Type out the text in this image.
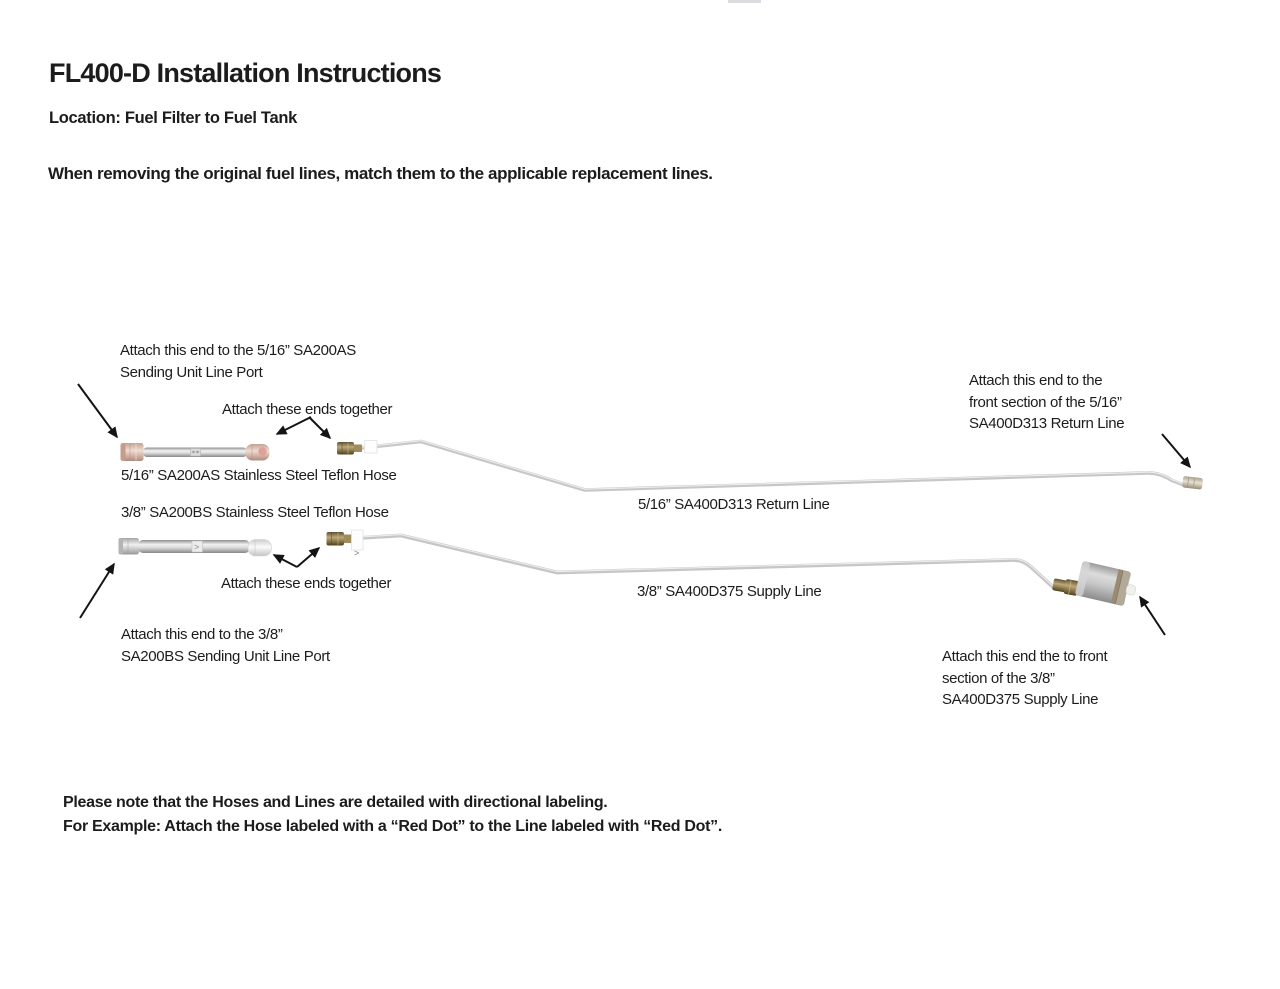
FL400-D Installation Instructions
Location: Fuel Filter to Fuel Tank
When removing the original fuel lines, match them to the applicable replacement lines.
>
>
Attach this end to the 5/16” SA200AS
Sending Unit Line Port
Attach these ends together
5/16” SA200AS Stainless Steel Teflon Hose
3/8” SA200BS Stainless Steel Teflon Hose
Attach these ends together
Attach this end to the 3/8”
SA200BS Sending Unit Line Port
5/16” SA400D313 Return Line
3/8” SA400D375 Supply Line
Attach this end to the
front section of the 5/16”
SA400D313 Return Line
Attach this end the to front
section of the 3/8”
SA400D375 Supply Line
Please note that the Hoses and Lines are detailed with directional labeling.
For Example: Attach the Hose labeled with a “Red Dot” to the Line labeled with “Red Dot”.
